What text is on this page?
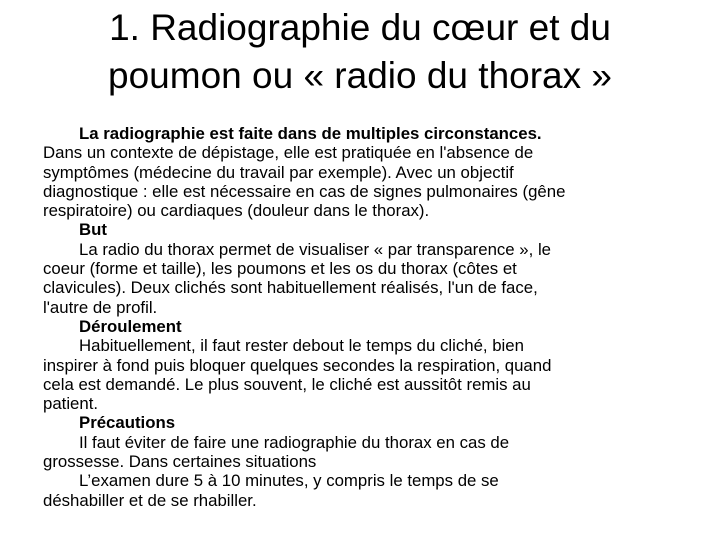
1. Radiographie du cœur et du
poumon ou « radio du thorax »

La radiographie est faite dans de multiples circonstances.

Dans un contexte de dépistage, elle est pratiquée en l'absence de

symptômes (médecine du travail par exemple). Avec un objectif

diagnostique : elle est nécessaire en cas de signes pulmonaires (gêne

respiratoire) ou cardiaques (douleur dans le thorax).

But

La radio du thorax permet de visualiser « par transparence », le

coeur (forme et taille), les poumons et les os du thorax (côtes et

clavicules). Deux clichés sont habituellement réalisés, l'un de face,

l'autre de profil.

Déroulement

Habituellement, il faut rester debout le temps du cliché, bien

inspirer à fond puis bloquer quelques secondes la respiration, quand

cela est demandé. Le plus souvent, le cliché est aussitôt remis au

patient.

Précautions

Il faut éviter de faire une radiographie du thorax en cas de

grossesse. Dans certaines situations

L’examen dure 5 à 10 minutes, y compris le temps de se

déshabiller et de se rhabiller.
